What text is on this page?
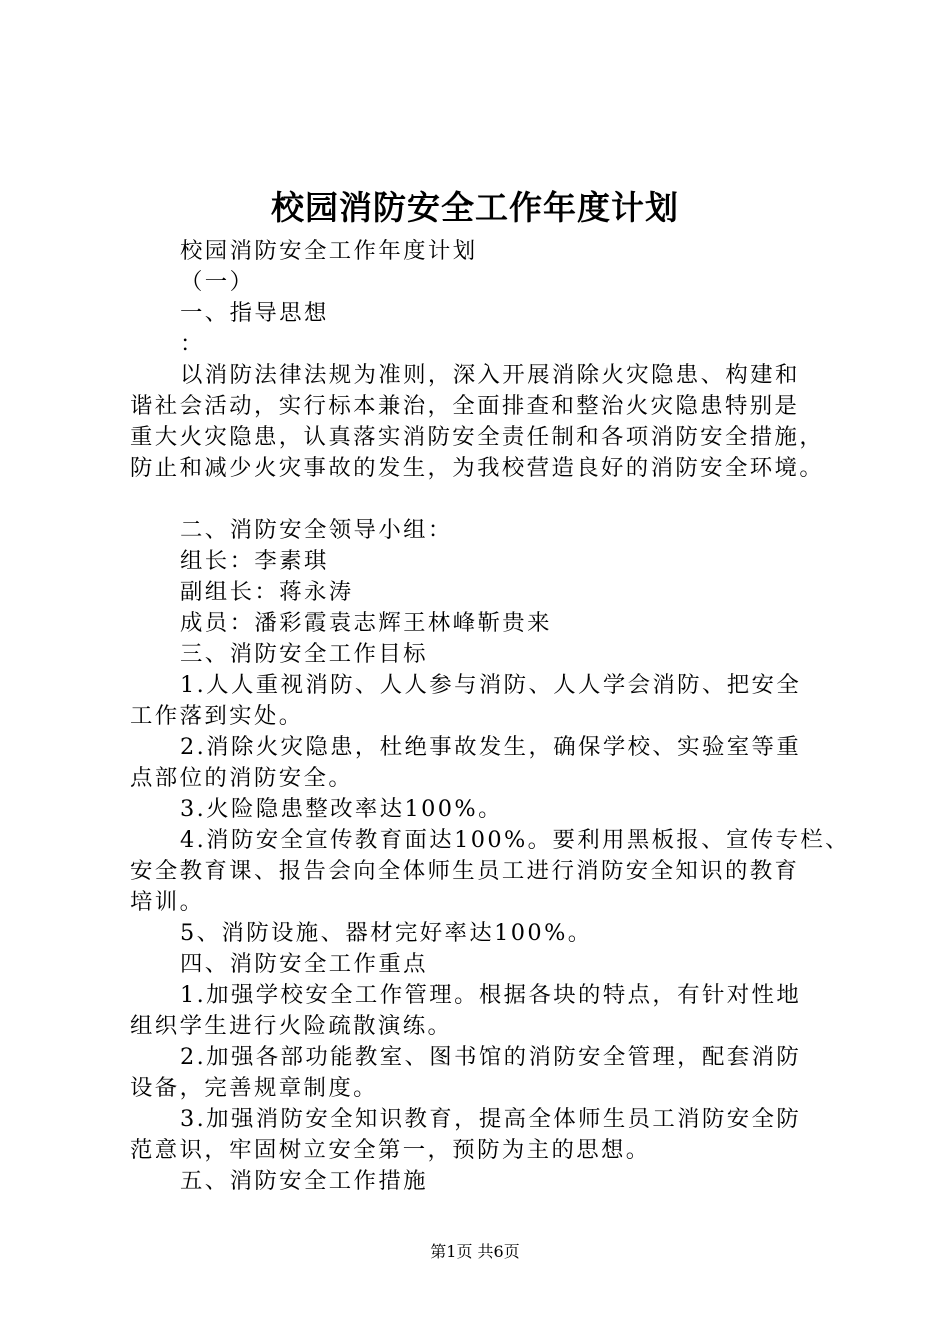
校园消防安全工作年度计划

校园消防安全工作年度计划

（一）

一、指导思想

：

以消防法律法规为准则，深入开展消除火灾隐患、构建和

谐社会活动，实行标本兼治，全面排查和整治火灾隐患特别是

重大火灾隐患，认真落实消防安全责任制和各项消防安全措施，

防止和减少火灾事故的发生，为我校营造良好的消防安全环境。

二、消防安全领导小组：

组长：李素琪

副组长：蒋永涛

成员：潘彩霞袁志辉王林峰靳贵来

三、消防安全工作目标

1.人人重视消防、人人参与消防、人人学会消防、把安全

工作落到实处。

2.消除火灾隐患，杜绝事故发生，确保学校、实验室等重

点部位的消防安全。

3.火险隐患整改率达100%。

4.消防安全宣传教育面达100%。要利用黑板报、宣传专栏、

安全教育课、报告会向全体师生员工进行消防安全知识的教育

培训。

5、消防设施、器材完好率达100%。

四、消防安全工作重点

1.加强学校安全工作管理。根据各块的特点，有针对性地

组织学生进行火险疏散演练。

2.加强各部功能教室、图书馆的消防安全管理，配套消防

设备，完善规章制度。

3.加强消防安全知识教育，提高全体师生员工消防安全防

范意识，牢固树立安全第一，预防为主的思想。

五、消防安全工作措施

第1页 共6页
